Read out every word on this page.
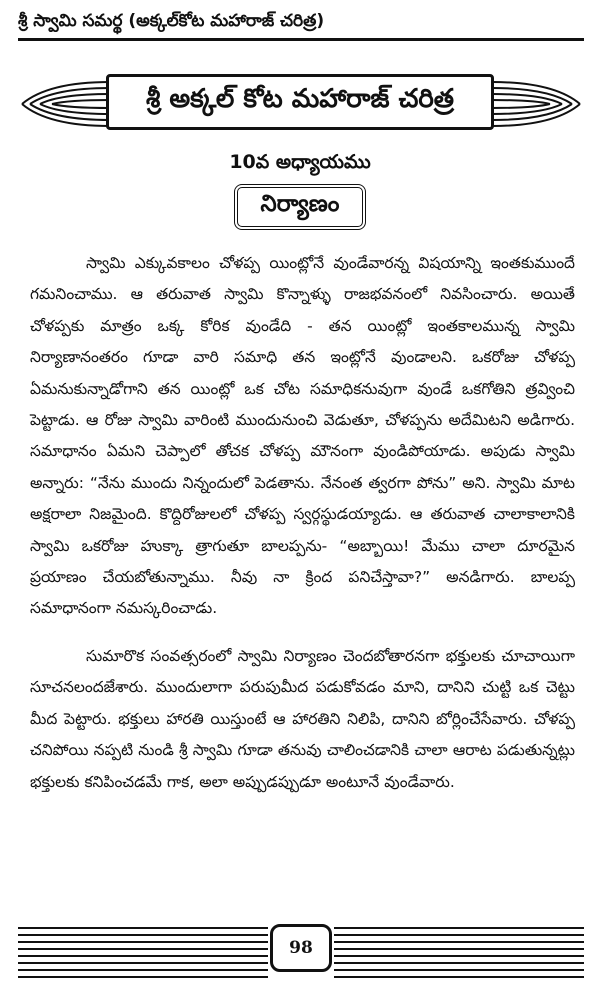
శ్రీ స్వామి సమర్థ (అక్కల్‌కోట మహారాజ్ చరిత్ర)
శ్రీ అక్కల్ కోట మహారాజ్ చరిత్ర
10వ అధ్యాయము
నిర్యాణం

స్వామి ఎక్కువకాలం చోళప్ప యింట్లోనే వుండేవారన్న విషయాన్ని ఇంతకుముందే గమనించాము. ఆ తరువాత స్వామి కొన్నాళ్ళు రాజభవనంలో నివసించారు. అయితే చోళప్పకు మాత్రం ఒక్క కోరిక వుండేది - తన యింట్లో ఇంతకాలమున్న స్వామి నిర్యాణానంతరం గూడా వారి సమాధి తన ఇంట్లోనే వుండాలని. ఒకరోజు చోళప్ప ఏమనుకున్నాడోగాని తన యింట్లో ఒక చోట సమాధికనువుగా వుండే ఒకగోతిని త్రవ్వించి పెట్టాడు. ఆ రోజు స్వామి వారింటి ముందునుంచి వెడుతూ, చోళప్పను అదేమిటని అడిగారు. సమాధానం ఏమని చెప్పాలో తోచక చోళప్ప మౌనంగా వుండిపోయాడు. అపుడు స్వామి అన్నారు: “నేను ముందు నిన్నందులో పెడతాను. నేనంత త్వరగా పోను” అని. స్వామి మాట అక్షరాలా నిజమైంది. కొద్దిరోజులలో చోళప్ప స్వర్గస్థుడయ్యాడు. ఆ తరువాత చాలాకాలానికి స్వామి ఒకరోజు హుక్కా త్రాగుతూ బాలప్పను- “అబ్బాయి! మేము చాలా దూరమైన ప్రయాణం చేయబోతున్నాము. నీవు నా క్రింద పనిచేస్తావా?” అనడిగారు. బాలప్ప సమాధానంగా నమస్కరించాడు.

సుమారొక సంవత్సరంలో స్వామి నిర్యాణం చెందబోతారనగా భక్తులకు చూచాయిగా సూచనలందజేశారు. ముందులాగా పరుపుమీద పడుకోవడం మాని, దానిని చుట్టి ఒక చెట్టు మీద పెట్టారు. భక్తులు హారతి యిస్తుంటే ఆ హారతిని నిలిపి, దానిని బోర్లించేసేవారు. చోళప్ప చనిపోయి నప్పటి నుండి శ్రీ స్వామి గూడా తనువు చాలించడానికి చాలా ఆరాట పడుతున్నట్లు భక్తులకు కనిపించడమే గాక, అలా అప్పుడప్పుడూ అంటూనే వుండేవారు.

98
